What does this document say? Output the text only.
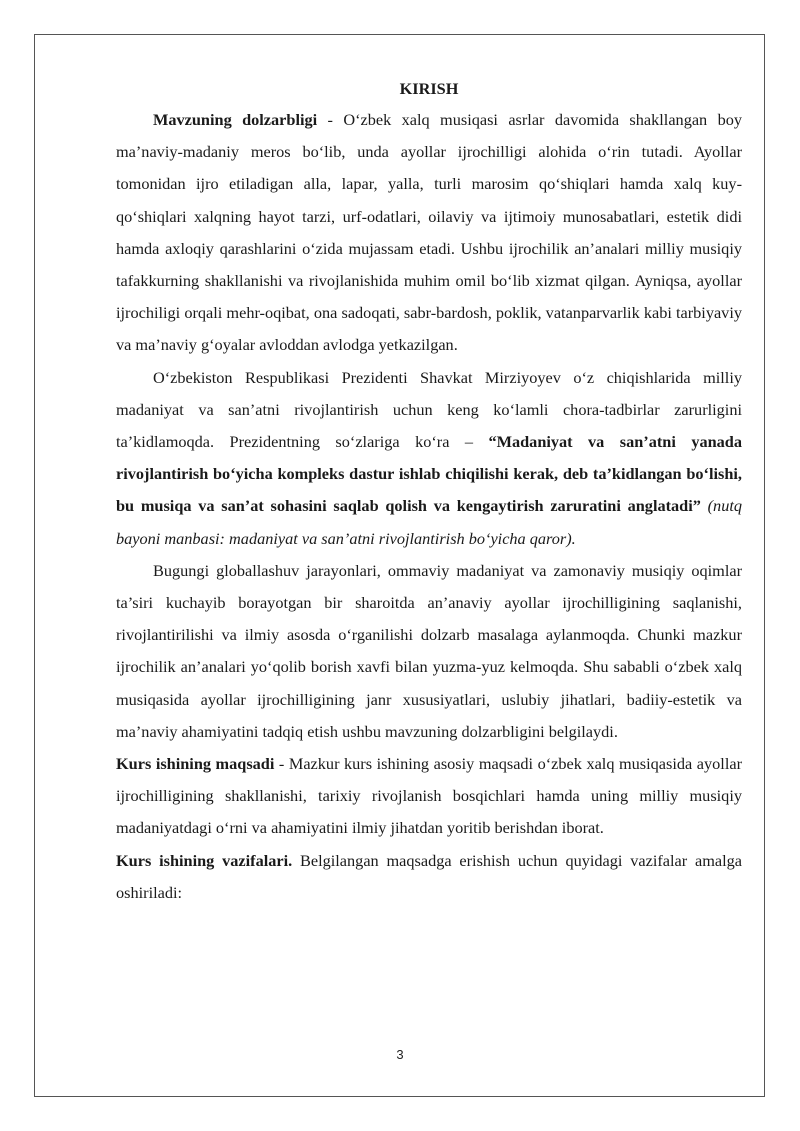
KIRISH

Mavzuning dolzarbligi - O‘zbek xalq musiqasi asrlar davomida shakllangan boy ma’naviy-madaniy meros bo‘lib, unda ayollar ijrochilligi alohida o‘rin tutadi. Ayollar tomonidan ijro etiladigan alla, lapar, yalla, turli marosim qo‘shiqlari hamda xalq kuy-qo‘shiqlari xalqning hayot tarzi, urf-odatlari, oilaviy va ijtimoiy munosabatlari, estetik didi hamda axloqiy qarashlarini o‘zida mujassam etadi. Ushbu ijrochilik an’analari milliy musiqiy tafakkurning shakllanishi va rivojlanishida muhim omil bo‘lib xizmat qilgan. Ayniqsa, ayollar ijrochiligi orqali mehr-oqibat, ona sadoqati, sabr-bardosh, poklik, vatanparvarlik kabi tarbiyaviy va ma’naviy g‘oyalar avloddan avlodga yetkazilgan.

O‘zbekiston Respublikasi Prezidenti Shavkat Mirziyoyev o‘z chiqishlarida milliy madaniyat va san’atni rivojlantirish uchun keng ko‘lamli chora-tadbirlar zarurligini ta’kidlamoqda. Prezidentning so‘zlariga ko‘ra – “Madaniyat va san’atni yanada rivojlantirish bo‘yicha kompleks dastur ishlab chiqilishi kerak, deb ta’kidlangan bo‘lishi, bu musiqa va san’at sohasini saqlab qolish va kengaytirish zaruratini anglatadi” (nutq bayoni manbasi: madaniyat va san’atni rivojlantirish bo‘yicha qaror).

Bugungi globallashuv jarayonlari, ommaviy madaniyat va zamonaviy musiqiy oqimlar ta’siri kuchayib borayotgan bir sharoitda an’anaviy ayollar ijrochilligining saqlanishi, rivojlantirilishi va ilmiy asosda o‘rganilishi dolzarb masalaga aylanmoqda. Chunki mazkur ijrochilik an’analari yo‘qolib borish xavfi bilan yuzma-yuz kelmoqda. Shu sababli o‘zbek xalq musiqasida ayollar ijrochilligining janr xususiyatlari, uslubiy jihatlari, badiiy-estetik va ma’naviy ahamiyatini tadqiq etish ushbu mavzuning dolzarbligini belgilaydi.

Kurs ishining maqsadi - Mazkur kurs ishining asosiy maqsadi o‘zbek xalq musiqasida ayollar ijrochilligining shakllanishi, tarixiy rivojlanish bosqichlari hamda uning milliy musiqiy madaniyatdagi o‘rni va ahamiyatini ilmiy jihatdan yoritib berishdan iborat.

Kurs ishining vazifalari. Belgilangan maqsadga erishish uchun quyidagi vazifalar amalga oshiriladi:

3
